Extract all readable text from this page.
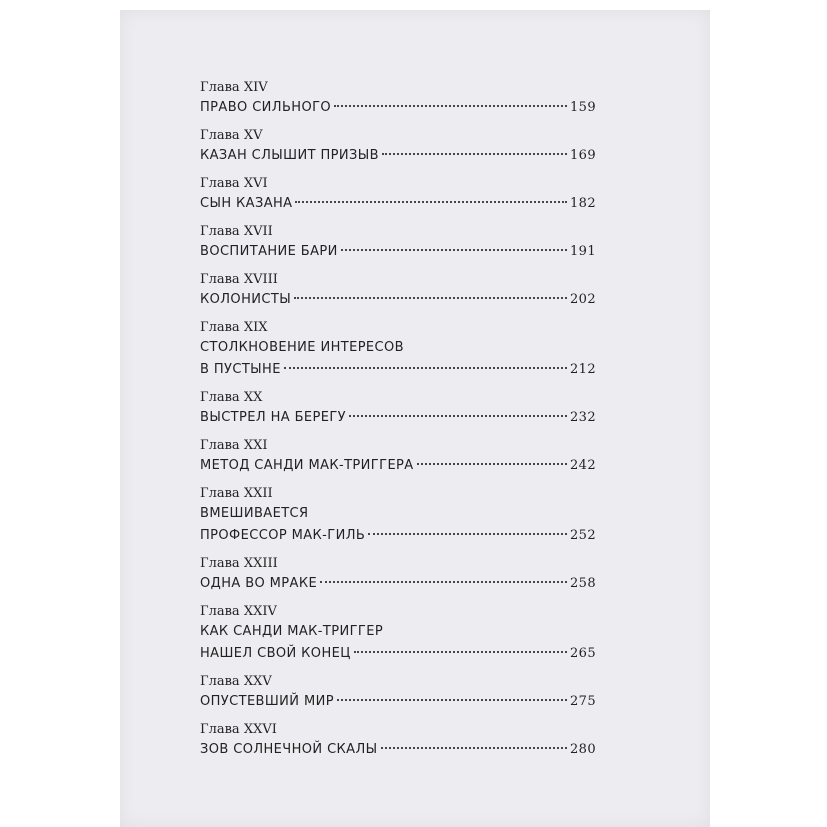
Глава XIV
ПРАВО СИЛЬНОГО	159
Глава XV
КАЗАН СЛЫШИТ ПРИЗЫВ	169
Глава XVI
СЫН КАЗАНА	182
Глава XVII
ВОСПИТАНИЕ БАРИ	191
Глава XVIII
КОЛОНИСТЫ	202
Глава XIX
СТОЛКНОВЕНИЕ ИНТЕРЕСОВ
В ПУСТЫНЕ	212
Глава XX
ВЫСТРЕЛ НА БЕРЕГУ	232
Глава XXI
МЕТОД САНДИ МАК-ТРИГГЕРА	242
Глава XXII
ВМЕШИВАЕТСЯ
ПРОФЕССОР МАК-ГИЛЬ	252
Глава XXIII
ОДНА ВО МРАКЕ	258
Глава XXIV
КАК САНДИ МАК-ТРИГГЕР
НАШЕЛ СВОЙ КОНЕЦ	265
Глава XXV
ОПУСТЕВШИЙ МИР	275
Глава XXVI
ЗОВ СОЛНЕЧНОЙ СКАЛЫ	280
